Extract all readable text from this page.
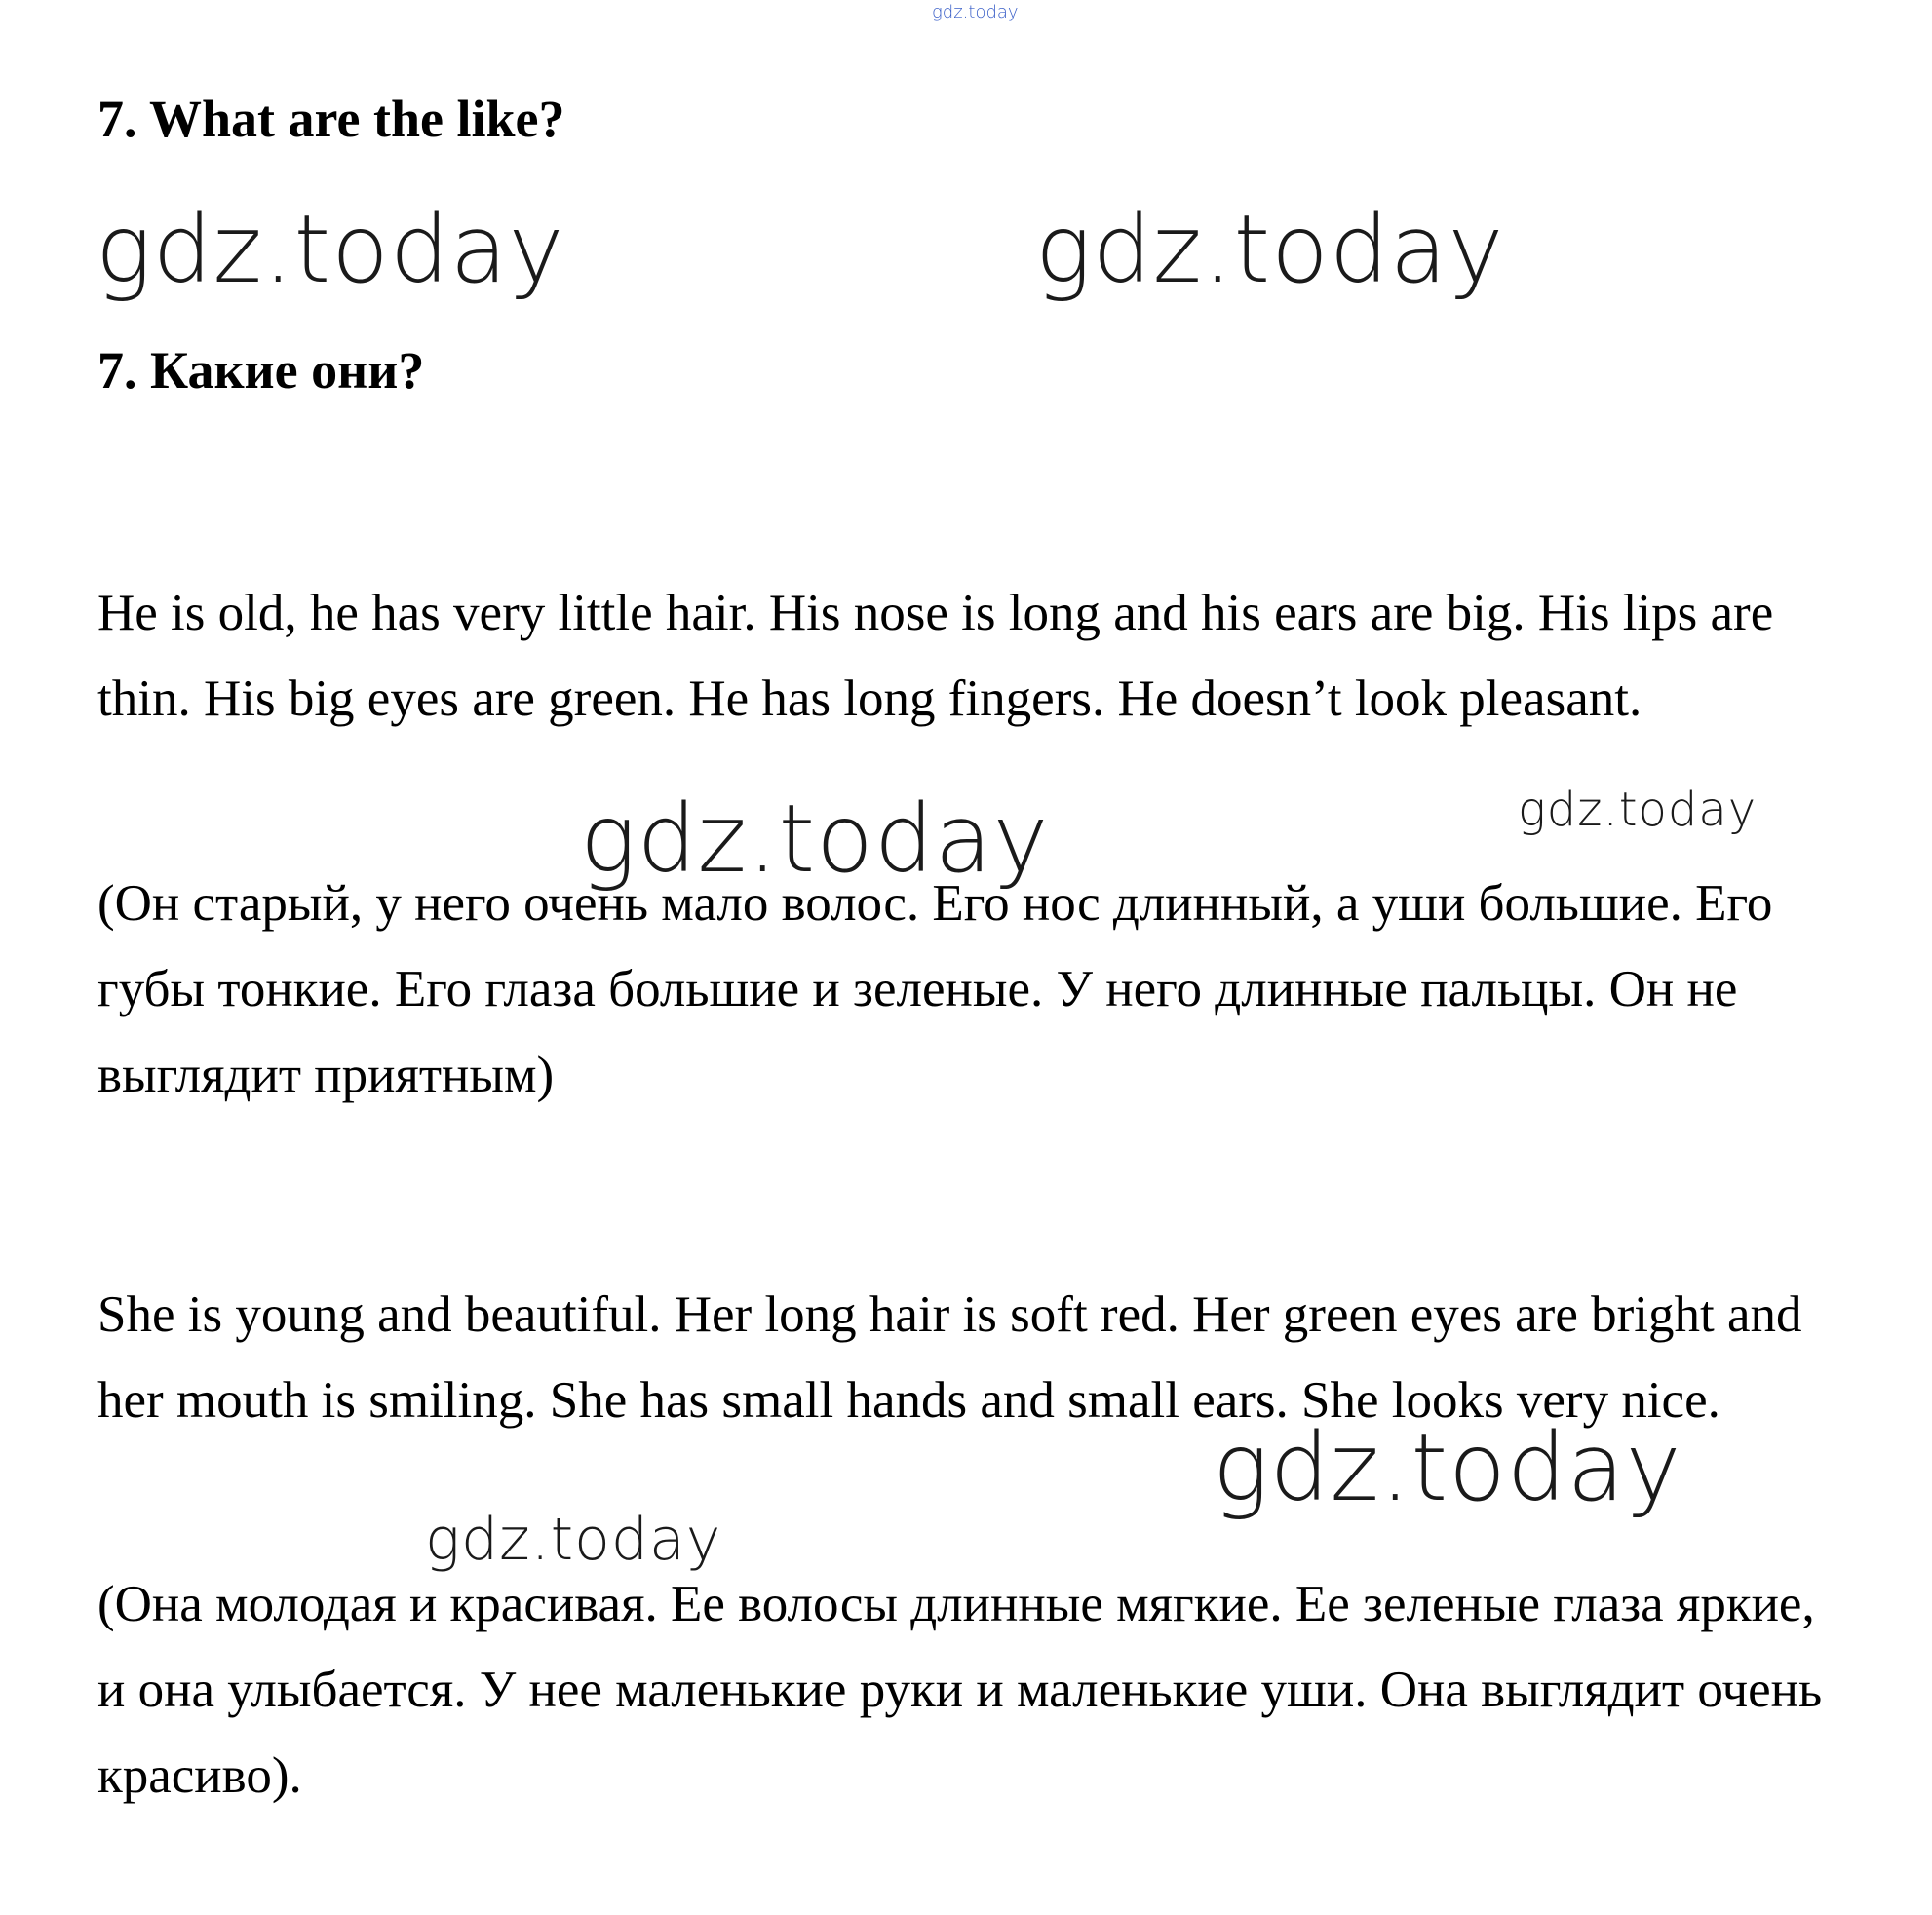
gdz.today
7. What are the like?
gdz.today	gdz.today
7. Какие они?

He is old, he has very little hair. His nose is long and his ears are big. His lips are thin. His big eyes are green. He has long fingers. He doesn’t look pleasant.

gdz.today	gdz.today

(Он старый, у него очень мало волос. Его нос длинный, а уши большие. Его губы тонкие. Его глаза большие и зеленые. У него длинные пальцы. Он не выглядит приятным)

She is young and beautiful. Her long hair is soft red. Her green eyes are bright and her mouth is smiling. She has small hands and small ears. She looks very nice.

gdz.today
gdz.today

(Она молодая и красивая. Ее волосы длинные мягкие. Ее зеленые глаза яркие, и она улыбается. У нее маленькие руки и маленькие уши. Она выглядит очень красиво).
